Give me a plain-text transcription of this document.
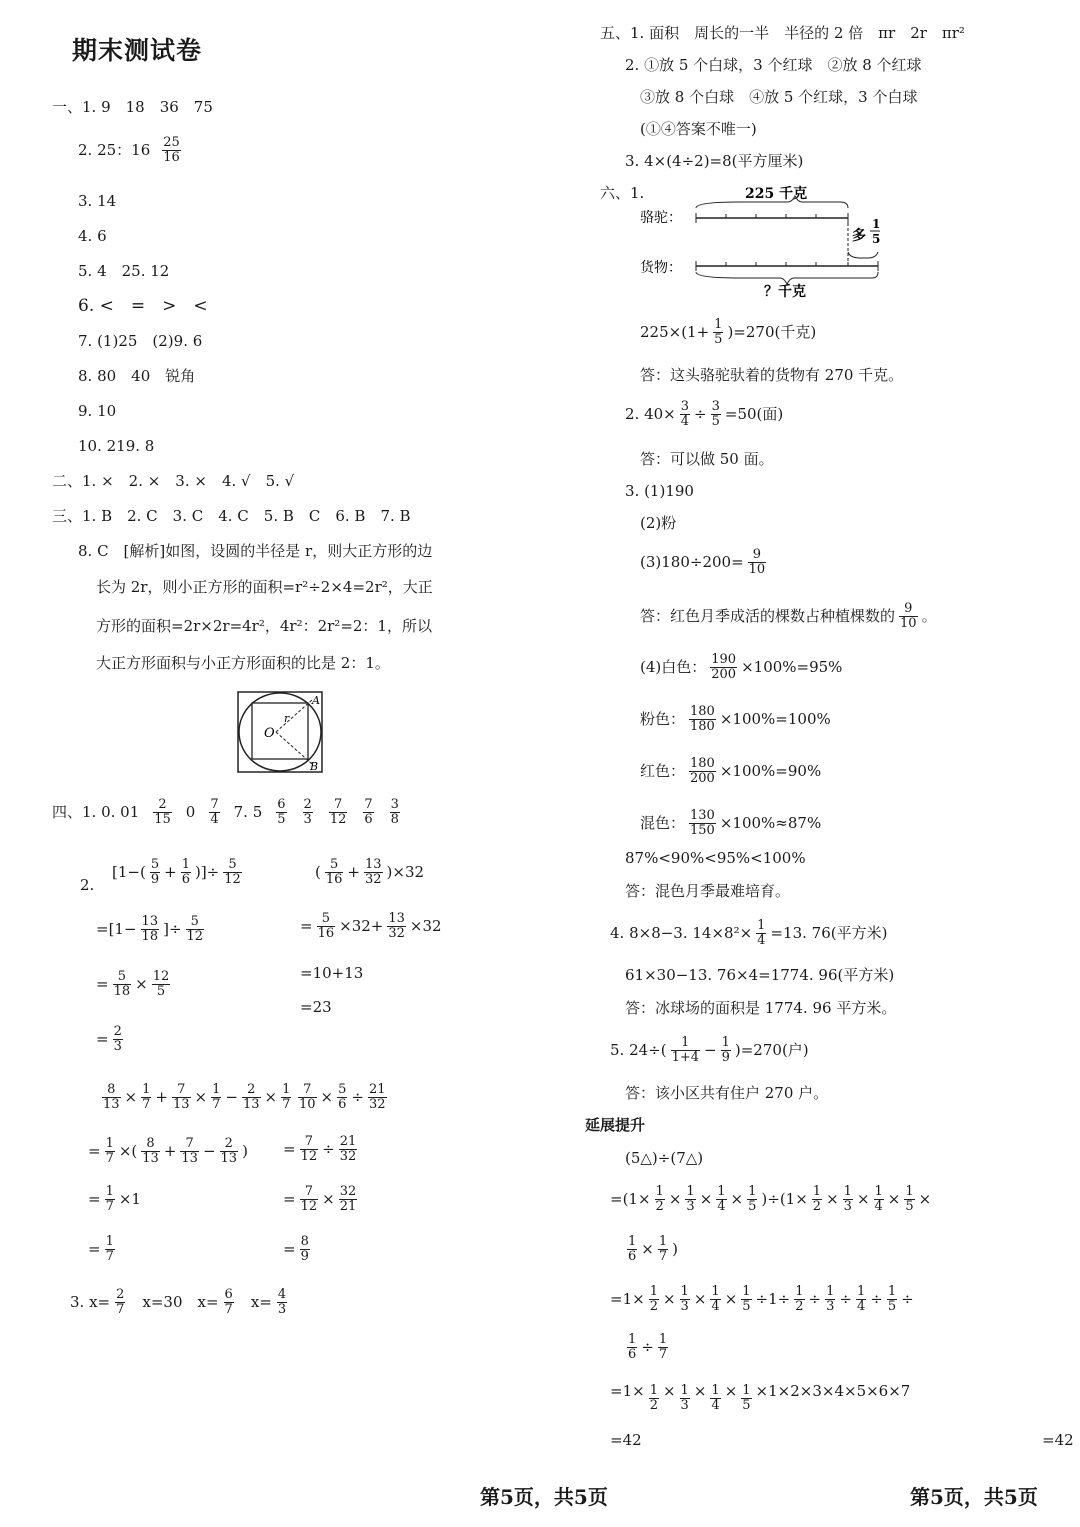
期末测试卷
一、1. 9　18　36　75
2. 25：16 25
16
3. 14
4. 6
5. 4　25. 12
6. <　=　>　<
7. (1)25　(2)9. 6
8. 80　40　锐角
9. 10
10. 219. 8
二、1. ×　2. ×　3. ×　4. √　5. √
三、1. B　2. C　3. C　4. C　5. B　C　6. B　7. B
8. C　[解析]如图，设圆的半径是 r，则大正方形的边
长为 2r，则小正方形的面积=r²÷2×4=2r²，大正
方形的面积=2r×2r=4r²，4r²：2r²=2：1，所以
大正方形面积与小正方形面积的比是 2：1。
O
A
B
r
四、1. 0. 01	2
15 0 7
4 7. 5 6
5
2
3
7
12
7
6
3
8
2.
[1−( 5
9 + 1
6 )]÷ $\frac{5}{12}$
$=[1- \frac{13}{18}$ ]÷ $\frac{5}{12}$
= 5
18 × 12
5
= 2
3
( 5
16 + 13
32 )×32
= 5
$16 \times 32+ \frac{13}{32} \times 32$
=10+13
=23
8
13 × 1
7 + 7
13 × 1
7 − 2
13 × 1
7
= 1
7 ×( 8
13 + 7
13 − 2
13 )
= 1
7 ×1
= 1
7
7
10 × 5
6 ÷ 21
32
= 7
12 ÷ 21
32
= 7
12 × 32
21
= 8
9
3. $x= \frac{2}{7} x=30$ $x= \frac{6}{7} x= \frac{4}{3}$
五、1. 面积　周长的一半　半径的 2 倍　πr　2r　πr²
2. ①放 5 个白球，3 个红球　②放 8 个红球
③放 8 个白球　④放 5 个红球，3 个白球
(①④答案不唯一)
3. 4×(4÷2)=8(平方厘米)
六、1.	225 千克
骆驼：
多
1
5
货物：
？千克
$225\times(1+ \frac{1}{5} )=270$(千克)
答：这头骆驼驮着的货物有 270 千克。
2. $40\times \frac{3}{4} \div \frac{3}{5} =50$(面)
答：可以做 50 面。
3. (1)190
(2)粉
$(3)180\div 200= \frac{9}{10}$
答：红色月季成活的棵数占种植棵数的 9
10 。
(4)白色： $\frac{190}{200} \times 100\%=95\%$
粉色： $\frac{180}{180} \times 100\%=100\%$
红色： $\frac{180}{200} \times 100\%=90\%$
混色： $\frac{130}{150} \times 100\%\approx 87\%$
87%<90%<95%<100%
答：混色月季最难培育。
4. 8×8−3. $14\times 8^2\times \frac{1}{4} =13$. 76(平方米)
61×30−13. 76×4=1774. 96(平方米)
答：冰球场的面积是 1774. 96 平方米。
5. 24÷(	1
1+4 − 1
9 )=270(户)
答：该小区共有住户 270 户。
延展提升
(5△)÷(7△)
$=(1\times \frac{1}{2} \times 1$
3 × 1
4 × 1
5 )$\div(1\times \frac{1}{2} \times 1$
3 × 1
4 × 1
5 ×
1
6 × 1
7 )
$=1\times \frac{1}{2} \times 1$
3 × 1
$4 \times \frac{1}{5} \div 1\div \frac{1}{2} \div 1$
3 ÷ 1
4 ÷ 1
5 ÷
1
6 ÷ 1
7
$=1\times \frac{1}{2} \times 1$
3
× 1
4
× $\frac{1}{5} \times 1\times 2\times 3\times 4\times 5\times 6\times 7$
=42	=42
第5页，共5页	第5页，共5页
